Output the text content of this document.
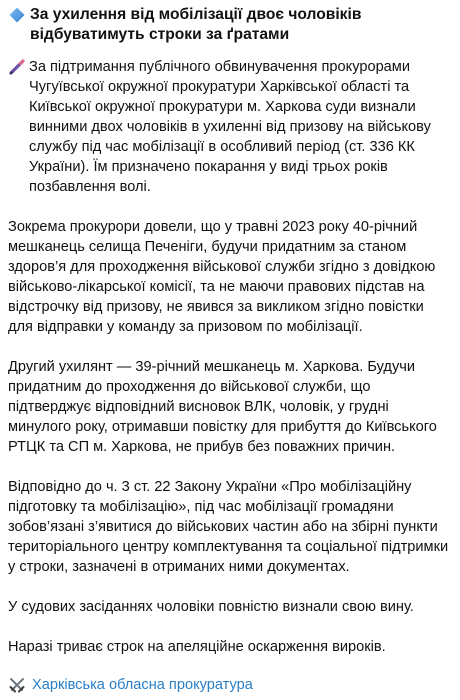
За ухилення від мобілізації двоє чоловіків відбуватимуть строки за ґратами

За підтримання публічного обвинувачення прокурорами Чугуївської окружної прокуратури Харківської області та Київської окружної прокуратури м. Харкова суди визнали винними двох чоловіків в ухиленні від призову на військову службу під час мобілізації в особливий період (ст. 336 КК України). Їм призначено покарання у виді трьох років позбавлення волі.

Зокрема прокурори довели, що у травні 2023 року 40-річний мешканець селища Печеніги, будучи придатним за станом здоров’я для проходження військової служби згідно з довідкою військово-лікарської комісії, та не маючи правових підстав на відстрочку від призову, не явився за викликом згідно повістки для відправки у команду за призовом по мобілізації.

Другий ухилянт — 39-річний мешканець м. Харкова. Будучи придатним до проходження до військової служби, що підтверджує відповідний висновок ВЛК, чоловік, у грудні минулого року, отримавши повістку для прибуття до Київського РТЦК та СП м. Харкова, не прибув без поважних причин.

Відповідно до ч. 3 ст. 22 Закону України «Про мобілізаційну підготовку та мобілізацію», під час мобілізації громадяни зобов’язані з’явитися до військових частин або на збірні пункти територіального центру комплектування та соціальної підтримки у строки, зазначені в отриманих ними документах.

У судових засіданнях чоловіки повністю визнали свою вину.

Наразі триває строк на апеляційне оскарження вироків.

Харківська обласна прокуратура
